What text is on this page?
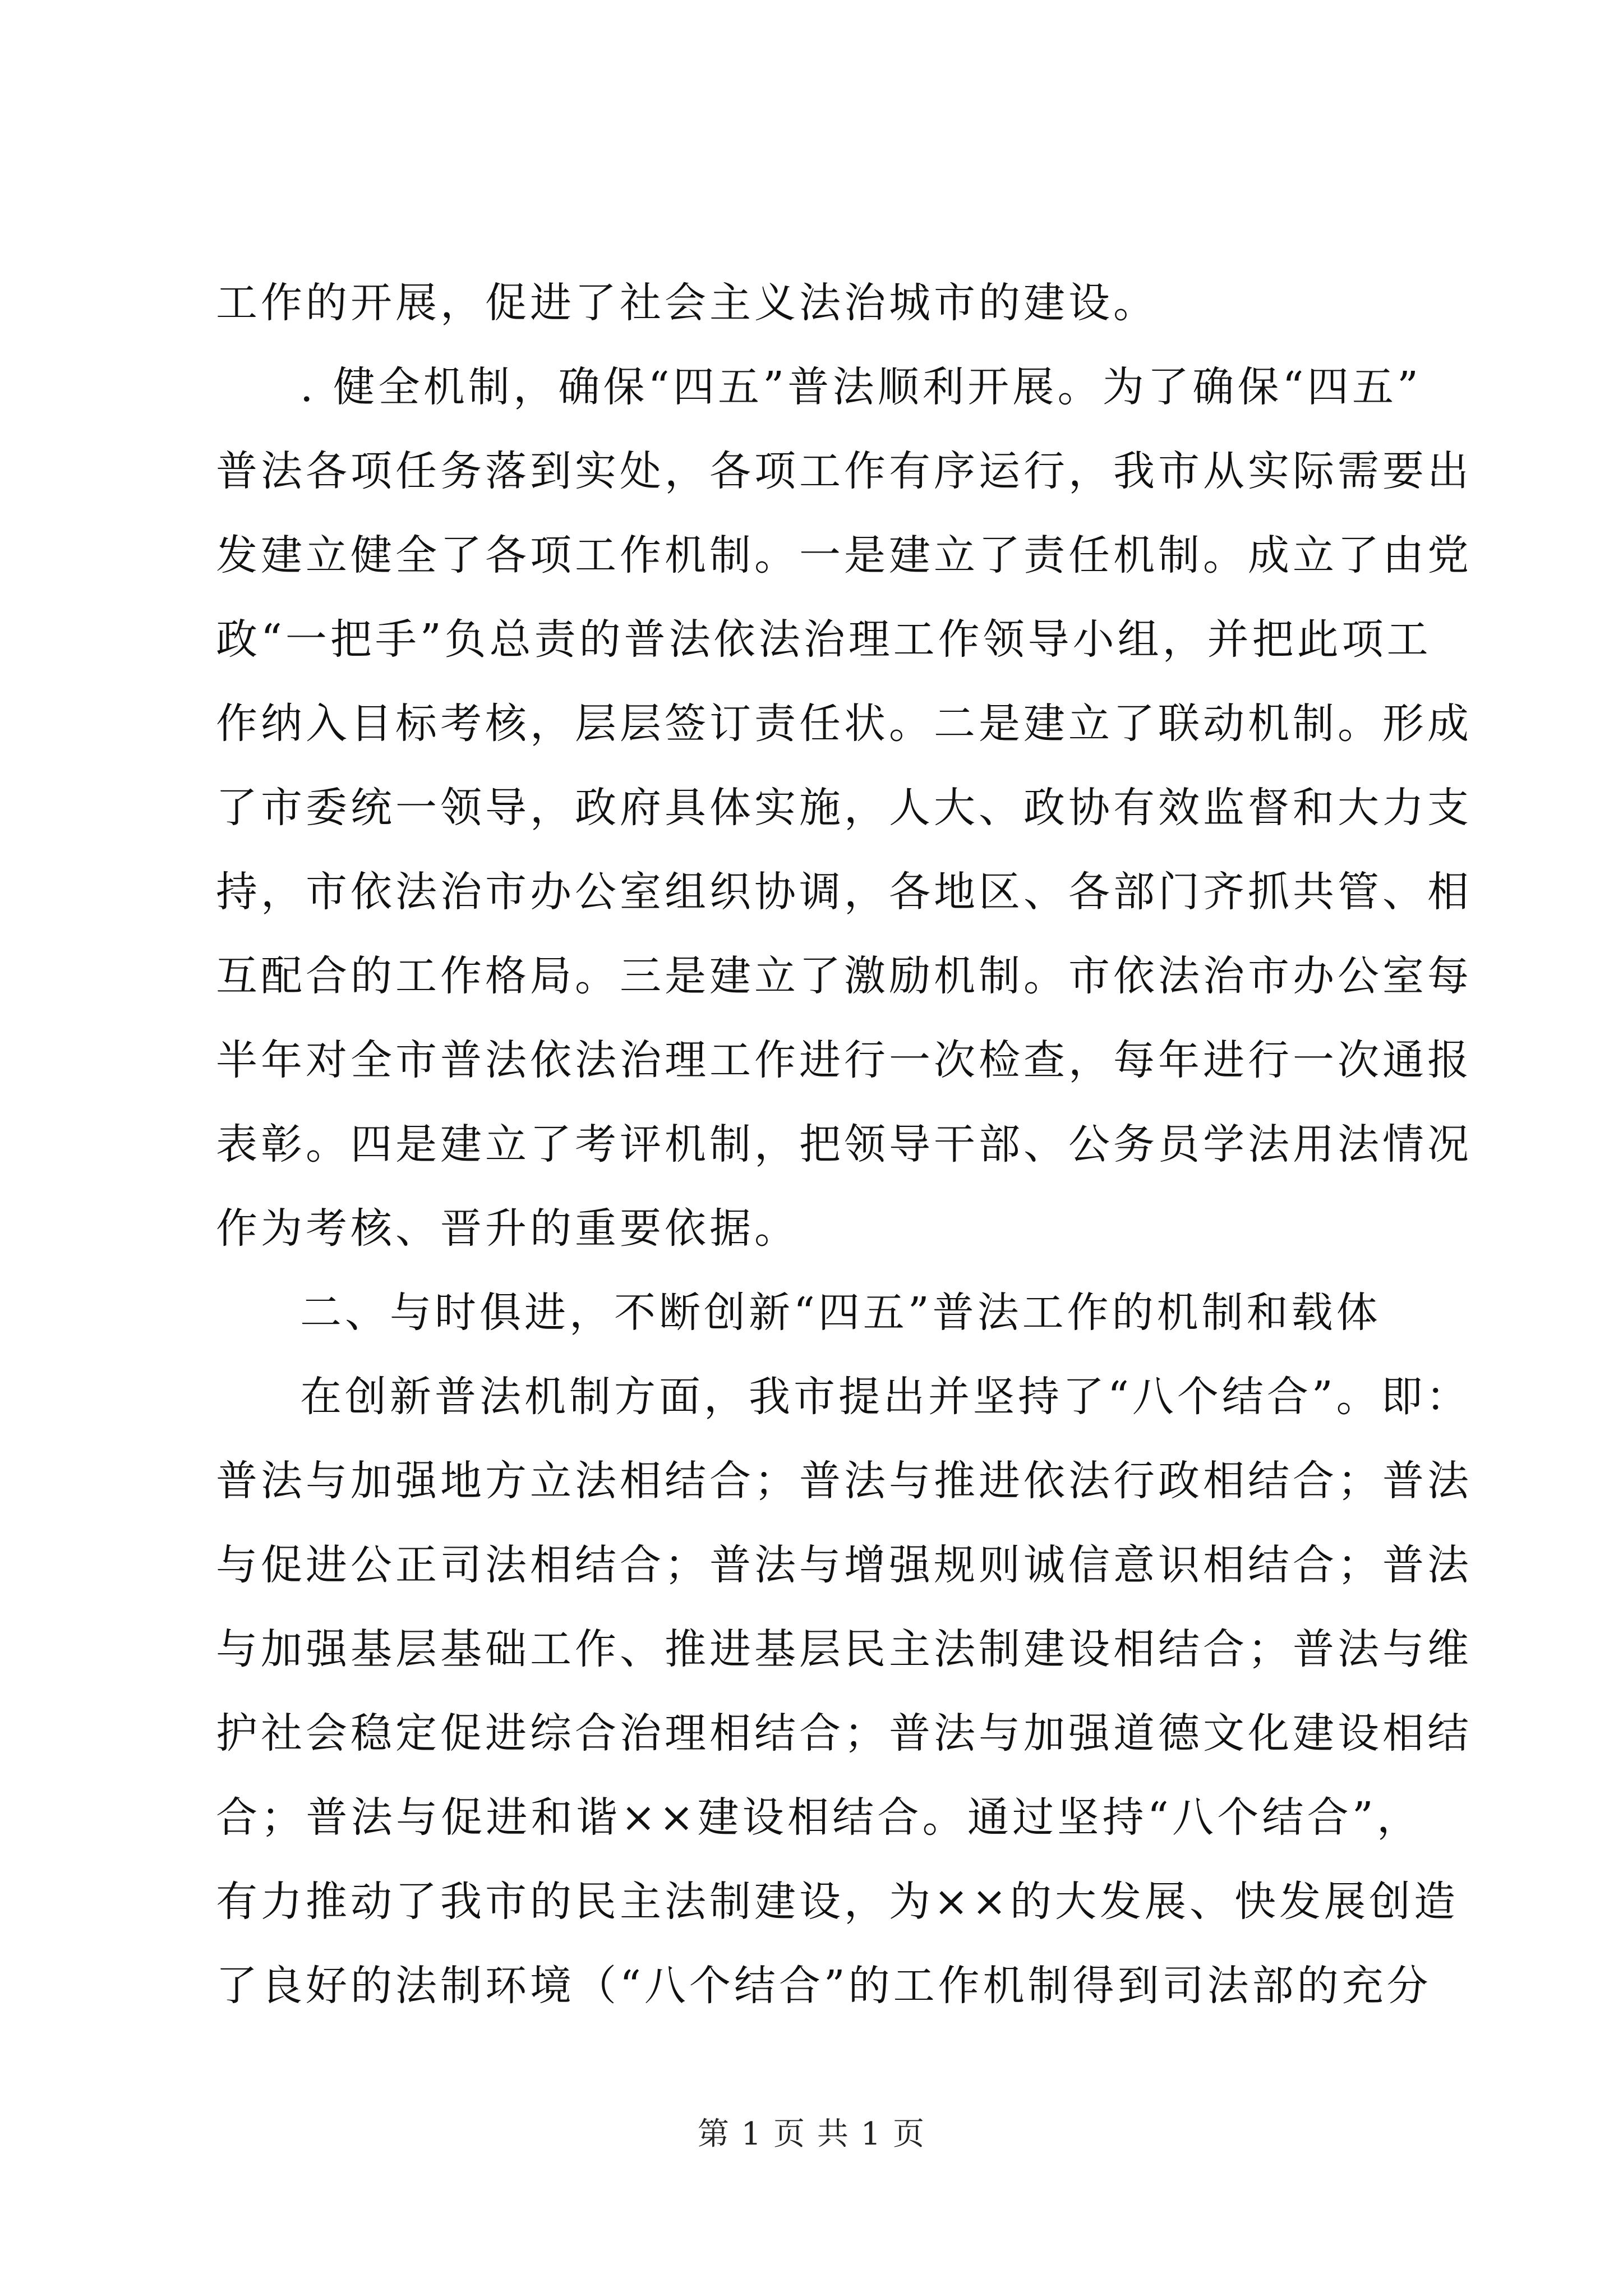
工作的开展，促进了社会主义法治城市的建设。
. 健全机制，确保“四五”普法顺利开展。为了确保“四五”
普法各项任务落到实处，各项工作有序运行，我市从实际需要出
发建立健全了各项工作机制。一是建立了责任机制。成立了由党
政“一把手”负总责的普法依法治理工作领导小组，并把此项工
作纳入目标考核，层层签订责任状。二是建立了联动机制。形成
了市委统一领导，政府具体实施，人大、政协有效监督和大力支
持，市依法治市办公室组织协调，各地区、各部门齐抓共管、相
互配合的工作格局。三是建立了激励机制。市依法治市办公室每
半年对全市普法依法治理工作进行一次检查，每年进行一次通报
表彰。四是建立了考评机制，把领导干部、公务员学法用法情况
作为考核、晋升的重要依据。
二、与时俱进，不断创新“四五”普法工作的机制和载体
在创新普法机制方面，我市提出并坚持了“八个结合”。即：
普法与加强地方立法相结合；普法与推进依法行政相结合；普法
与促进公正司法相结合；普法与增强规则诚信意识相结合；普法
与加强基层基础工作、推进基层民主法制建设相结合；普法与维
护社会稳定促进综合治理相结合；普法与加强道德文化建设相结
合；普法与促进和谐××建设相结合。通过坚持“八个结合”，
有力推动了我市的民主法制建设，为××的大发展、快发展创造
了良好的法制环境（“八个结合”的工作机制得到司法部的充分
第 1 页 共 1 页
